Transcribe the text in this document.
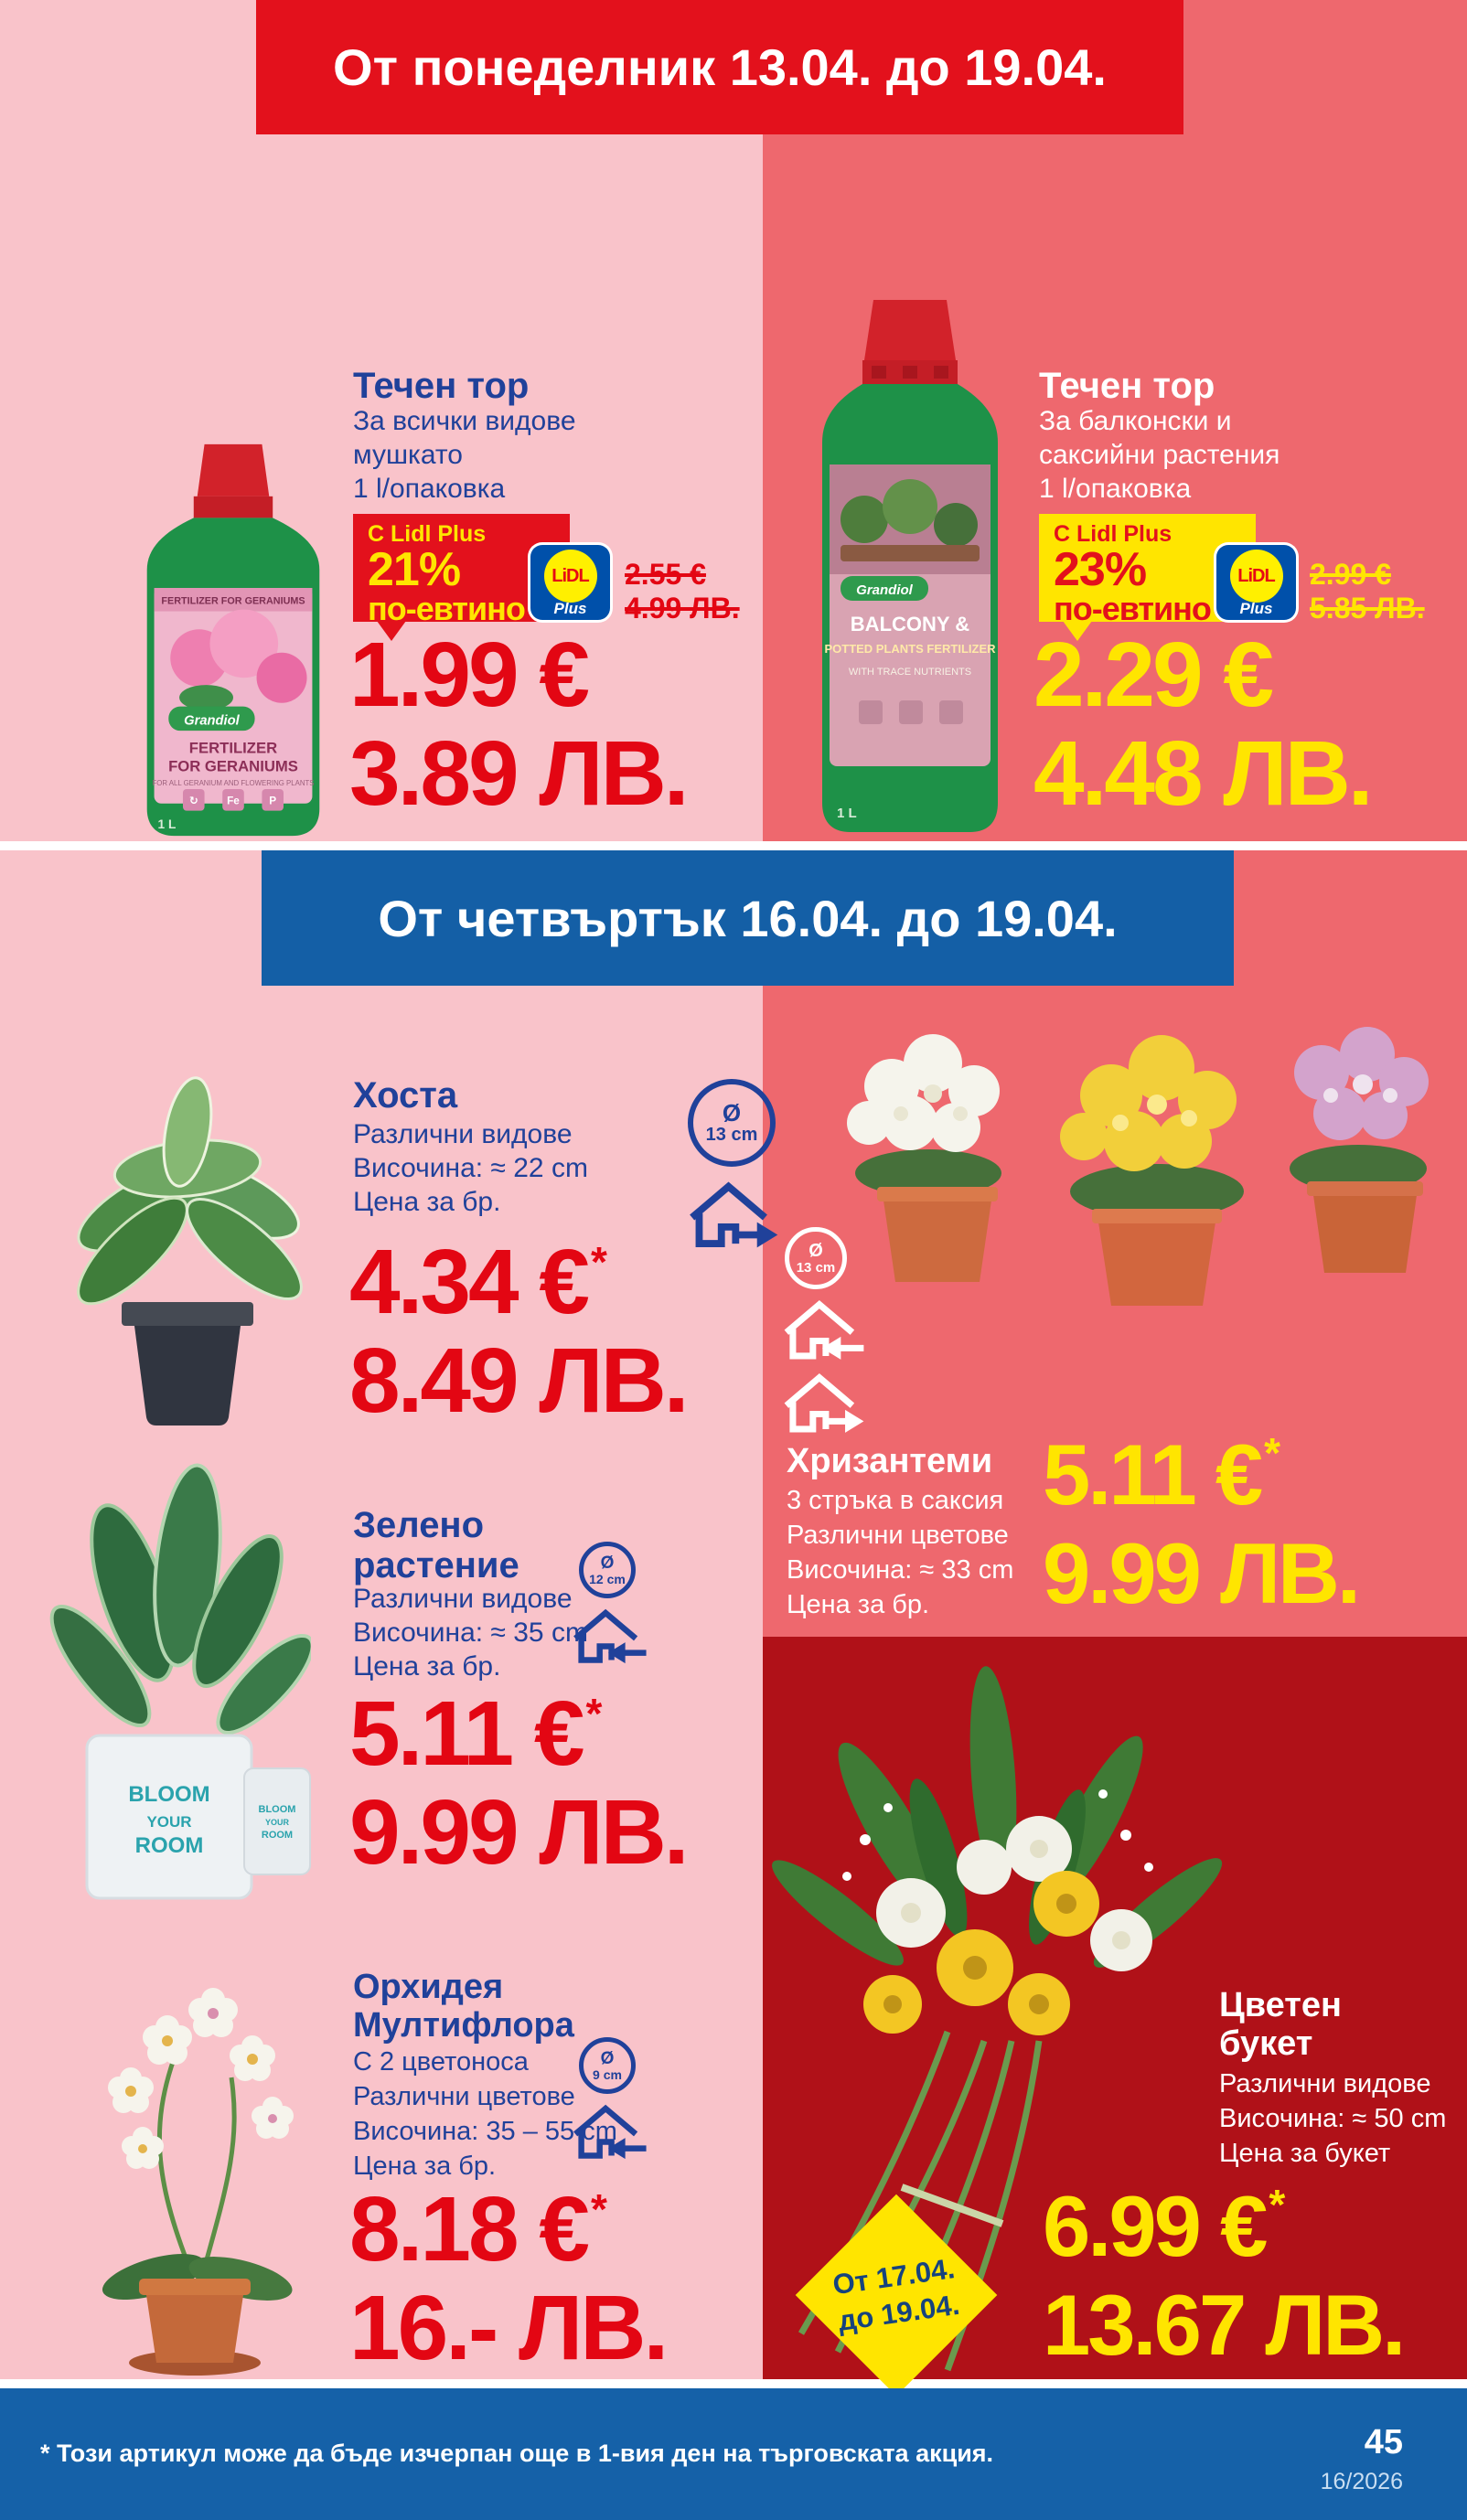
От понеделник 13.04. до 19.04.
FERTILIZER FOR GERANIUMS
Grandiol
FERTILIZER
FOR GERANIUMS
FOR ALL GERANIUM AND FLOWERING PLANTS
↻	Fe	P
1 L
Течен тор
За всички видове
мушкато
1 l/опаковка
С Lidl Plus
21%
по-евтино
LiDL
Plus
2.55 €
4.99 ЛВ.
1.99 €
3.89 ЛВ.
Grandiol
BALCONY &
POTTED PLANTS FERTILIZER
WITH TRACE NUTRIENTS
1 L
Течен тор
За балконски и
саксийни растения
1 l/опаковка
С Lidl Plus
23%
по-евтино
LiDL
Plus
2.99 €
5.85 ЛВ.
2.29 €
4.48 ЛВ.
От четвъртък 16.04. до 19.04.
Хоста
Различни видове
Височина: ≈ 22 cm
Цена за бр.
Ø
13 cm
4.34 €*
8.49 ЛВ.
BLOOM
YOUR
ROOM
BLOOM
YOUR
ROOM
Зелено
растение
Различни видове
Височина: ≈ 35 cm
Цена за бр.
Ø
12 cm
5.11 €*
9.99 ЛВ.
Ø
13 cm
Хризантеми
3 стръка в саксия
Различни цветове
Височина: ≈ 33 cm
Цена за бр.
5.11 €*
9.99 ЛВ.
Орхидея
Мултифлора
С 2 цветоноса
Различни цветове
Височина: 35 – 55 cm
Цена за бр.
Ø
9 cm
8.18 €*
16.- ЛВ.
Цветен
букет
Различни видове
Височина: ≈ 50 cm
Цена за букет
От 17.04.
до 19.04.
6.99 €*
13.67 ЛВ.
* Този артикул може да бъде изчерпан още в 1-вия ден на търговската акция.	45
16/2026
